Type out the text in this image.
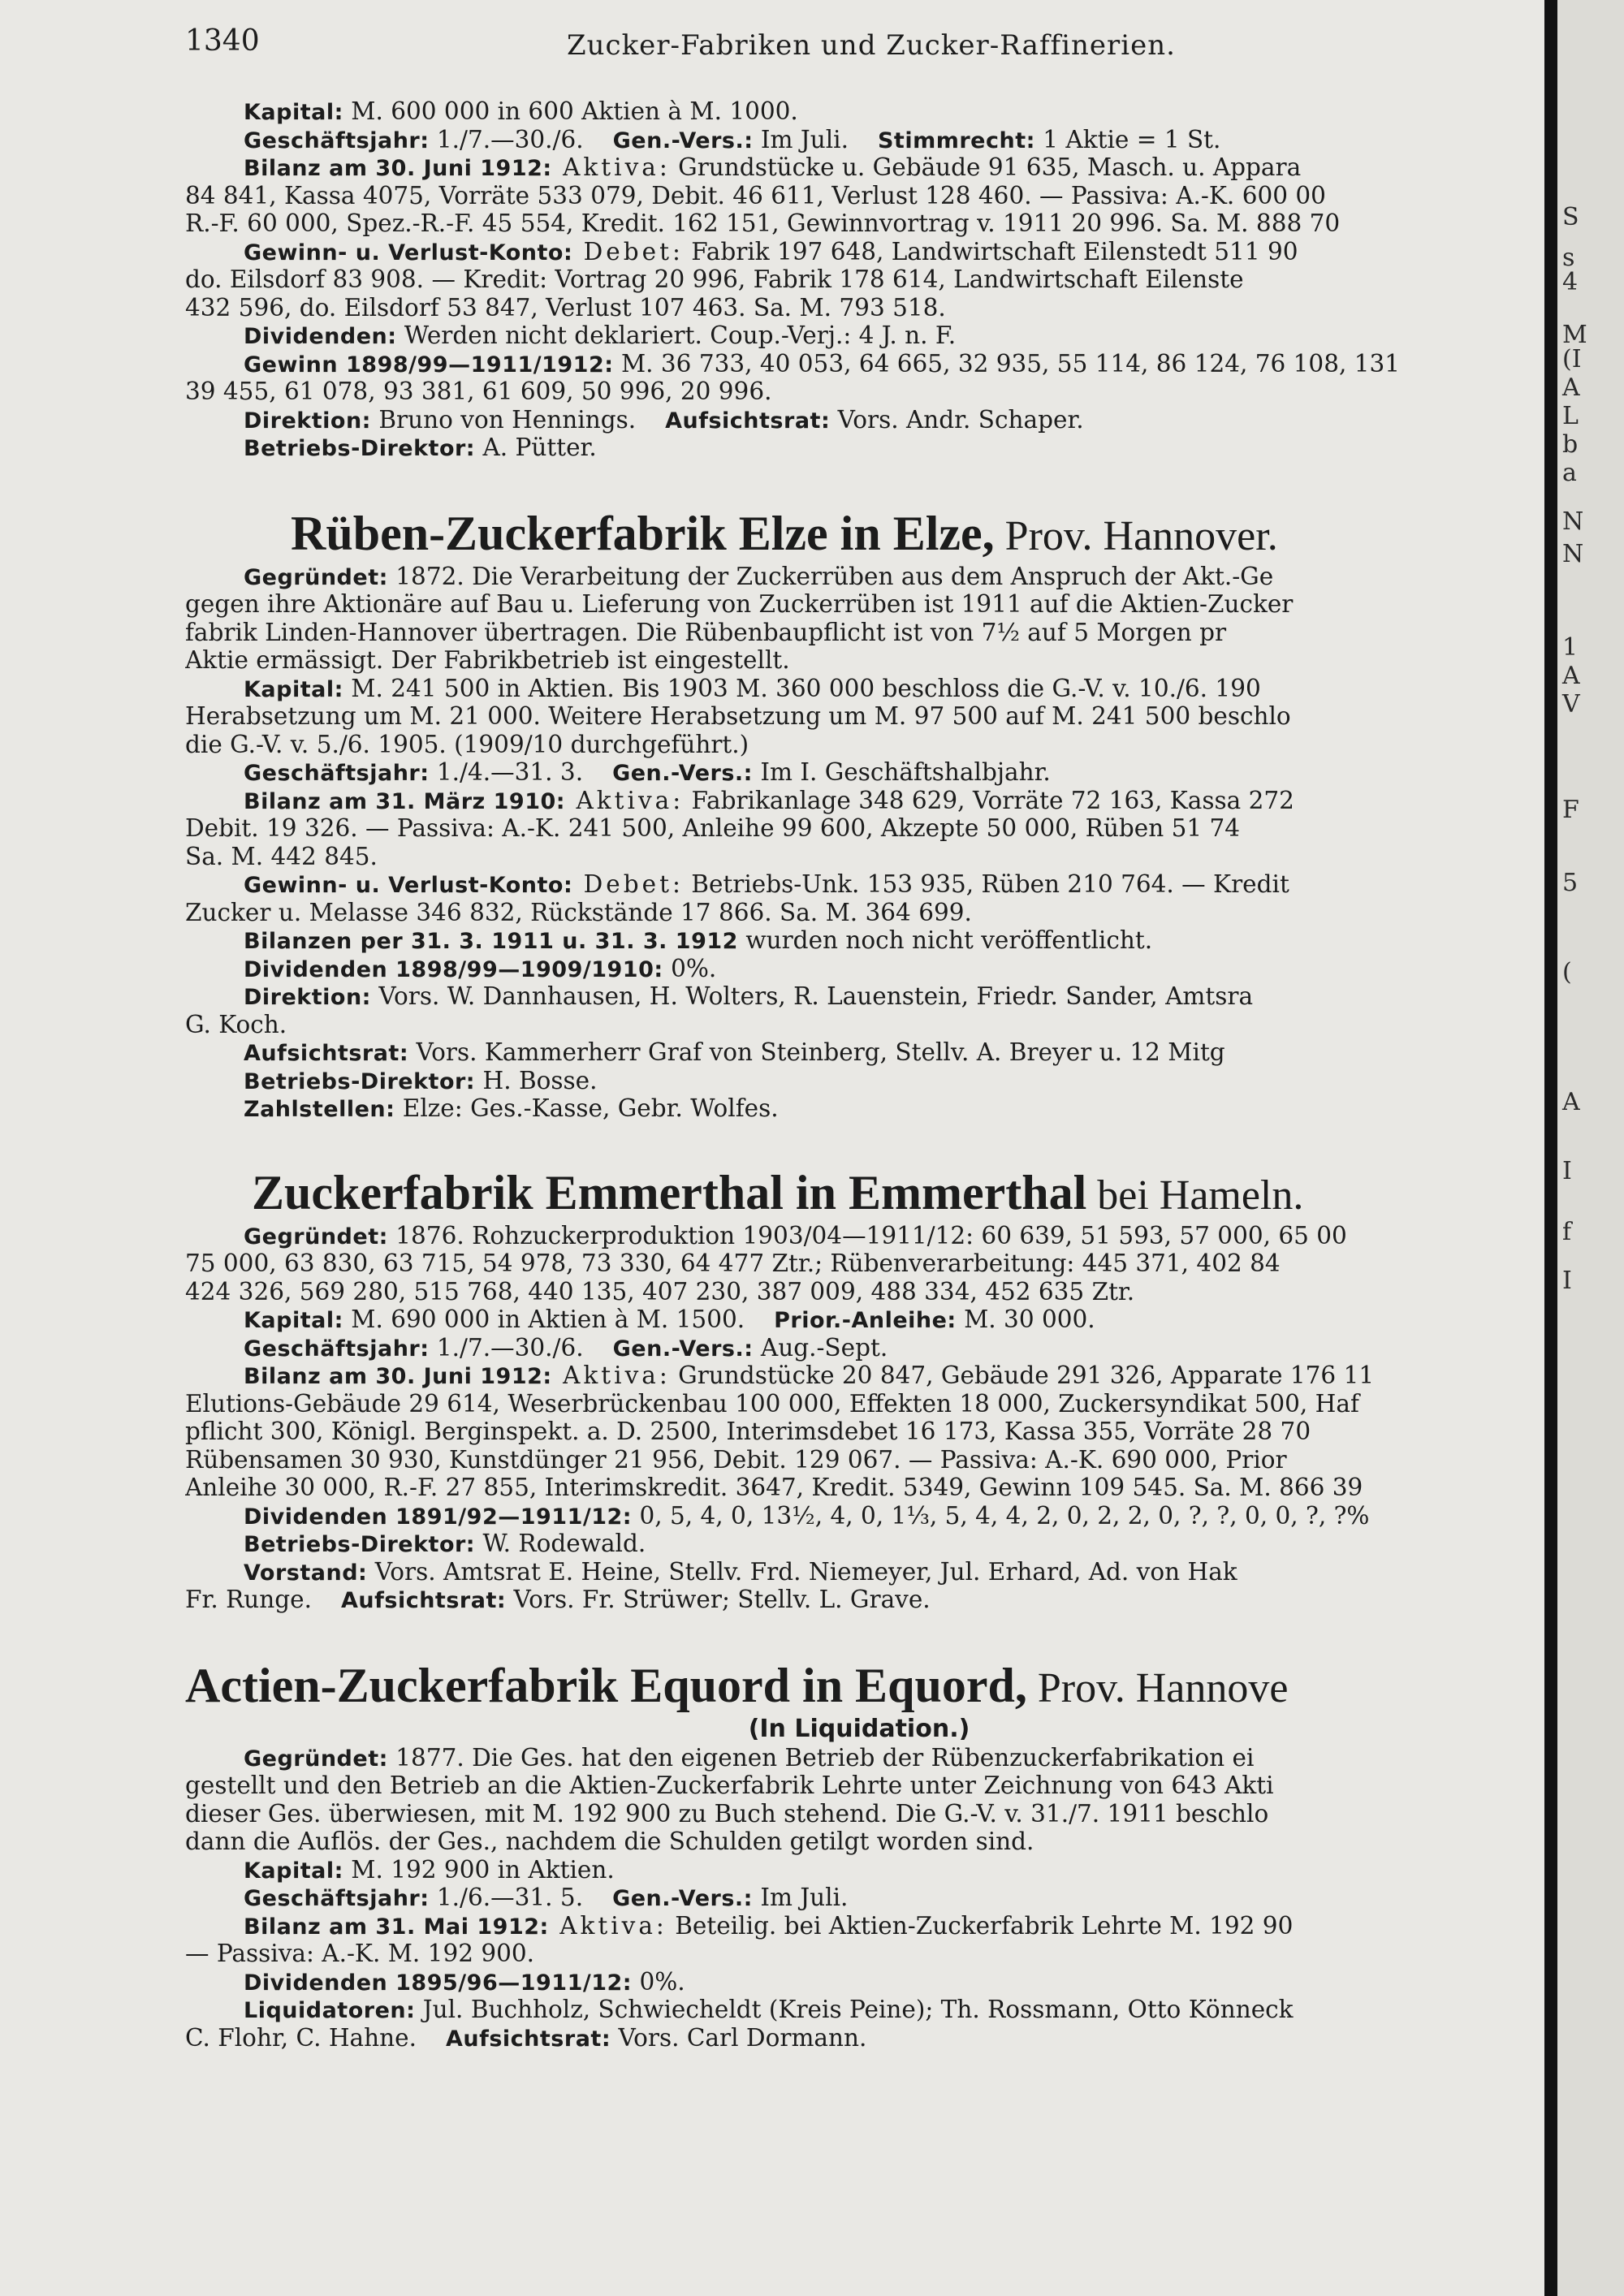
1340	Zucker-Fabriken und Zucker-Raffinerien.
Kapital: M. 600 000 in 600 Aktien à M. 1000.
Geschäftsjahr: 1./7.—30./6. Gen.-Vers.: Im Juli. Stimmrecht: 1 Aktie = 1 St.
Bilanz am 30. Juni 1912: Aktiva: Grundstücke u. Gebäude 91 635, Masch. u. Appara
84 841, Kassa 4075, Vorräte 533 079, Debit. 46 611, Verlust 128 460. — Passiva: A.-K. 600 00
R.-F. 60 000, Spez.-R.-F. 45 554, Kredit. 162 151, Gewinnvortrag v. 1911 20 996. Sa. M. 888 70
Gewinn- u. Verlust-Konto: Debet: Fabrik 197 648, Landwirtschaft Eilenstedt 511 90
do. Eilsdorf 83 908. — Kredit: Vortrag 20 996, Fabrik 178 614, Landwirtschaft Eilenste
432 596, do. Eilsdorf 53 847, Verlust 107 463. Sa. M. 793 518.
Dividenden: Werden nicht deklariert. Coup.-Verj.: 4 J. n. F.
Gewinn 1898/99—1911/1912: M. 36 733, 40 053, 64 665, 32 935, 55 114, 86 124, 76 108, 131
39 455, 61 078, 93 381, 61 609, 50 996, 20 996.
Direktion: Bruno von Hennings. Aufsichtsrat: Vors. Andr. Schaper.
Betriebs-Direktor: A. Pütter.
Rüben-Zuckerfabrik Elze in Elze, Prov. Hannover.
Gegründet: 1872. Die Verarbeitung der Zuckerrüben aus dem Anspruch der Akt.-Ge
gegen ihre Aktionäre auf Bau u. Lieferung von Zuckerrüben ist 1911 auf die Aktien-Zucker
fabrik Linden-Hannover übertragen. Die Rübenbaupflicht ist von 7½ auf 5 Morgen pr
Aktie ermässigt. Der Fabrikbetrieb ist eingestellt.
Kapital: M. 241 500 in Aktien. Bis 1903 M. 360 000 beschloss die G.-V. v. 10./6. 190
Herabsetzung um M. 21 000. Weitere Herabsetzung um M. 97 500 auf M. 241 500 beschlo
die G.-V. v. 5./6. 1905. (1909/10 durchgeführt.)
Geschäftsjahr: 1./4.—31. 3. Gen.-Vers.: Im I. Geschäftshalbjahr.
Bilanz am 31. März 1910: Aktiva: Fabrikanlage 348 629, Vorräte 72 163, Kassa 272
Debit. 19 326. — Passiva: A.-K. 241 500, Anleihe 99 600, Akzepte 50 000, Rüben 51 74
Sa. M. 442 845.
Gewinn- u. Verlust-Konto: Debet: Betriebs-Unk. 153 935, Rüben 210 764. — Kredit
Zucker u. Melasse 346 832, Rückstände 17 866. Sa. M. 364 699.
Bilanzen per 31. 3. 1911 u. 31. 3. 1912 wurden noch nicht veröffentlicht.
Dividenden 1898/99—1909/1910: 0%.
Direktion: Vors. W. Dannhausen, H. Wolters, R. Lauenstein, Friedr. Sander, Amtsra
G. Koch.
Aufsichtsrat: Vors. Kammerherr Graf von Steinberg, Stellv. A. Breyer u. 12 Mitg
Betriebs-Direktor: H. Bosse.
Zahlstellen: Elze: Ges.-Kasse, Gebr. Wolfes.
Zuckerfabrik Emmerthal in Emmerthal bei Hameln.
Gegründet: 1876. Rohzuckerproduktion 1903/04—1911/12: 60 639, 51 593, 57 000, 65 00
75 000, 63 830, 63 715, 54 978, 73 330, 64 477 Ztr.; Rübenverarbeitung: 445 371, 402 84
424 326, 569 280, 515 768, 440 135, 407 230, 387 009, 488 334, 452 635 Ztr.
Kapital: M. 690 000 in Aktien à M. 1500. Prior.-Anleihe: M. 30 000.
Geschäftsjahr: 1./7.—30./6. Gen.-Vers.: Aug.-Sept.
Bilanz am 30. Juni 1912: Aktiva: Grundstücke 20 847, Gebäude 291 326, Apparate 176 11
Elutions-Gebäude 29 614, Weserbrückenbau 100 000, Effekten 18 000, Zuckersyndikat 500, Haf
pflicht 300, Königl. Berginspekt. a. D. 2500, Interimsdebet 16 173, Kassa 355, Vorräte 28 70
Rübensamen 30 930, Kunstdünger 21 956, Debit. 129 067. — Passiva: A.-K. 690 000, Prior
Anleihe 30 000, R.-F. 27 855, Interimskredit. 3647, Kredit. 5349, Gewinn 109 545. Sa. M. 866 39
Dividenden 1891/92—1911/12: 0, 5, 4, 0, 13½, 4, 0, 1⅓, 5, 4, 4, 2, 0, 2, 2, 0, ?, ?, 0, 0, ?, ?%
Betriebs-Direktor: W. Rodewald.
Vorstand: Vors. Amtsrat E. Heine, Stellv. Frd. Niemeyer, Jul. Erhard, Ad. von Hak
Fr. Runge. Aufsichtsrat: Vors. Fr. Strüwer; Stellv. L. Grave.
Actien-Zuckerfabrik Equord in Equord, Prov. Hannove
(In Liquidation.)
Gegründet: 1877. Die Ges. hat den eigenen Betrieb der Rübenzuckerfabrikation ei
gestellt und den Betrieb an die Aktien-Zuckerfabrik Lehrte unter Zeichnung von 643 Akti
dieser Ges. überwiesen, mit M. 192 900 zu Buch stehend. Die G.-V. v. 31./7. 1911 beschlo
dann die Auflös. der Ges., nachdem die Schulden getilgt worden sind.
Kapital: M. 192 900 in Aktien.
Geschäftsjahr: 1./6.—31. 5. Gen.-Vers.: Im Juli.
Bilanz am 31. Mai 1912: Aktiva: Beteilig. bei Aktien-Zuckerfabrik Lehrte M. 192 90
— Passiva: A.-K. M. 192 900.
Dividenden 1895/96—1911/12: 0%.
Liquidatoren: Jul. Buchholz, Schwiecheldt (Kreis Peine); Th. Rossmann, Otto Könneck
C. Flohr, C. Hahne. Aufsichtsrat: Vors. Carl Dormann.
S
s
4
M
(I
A
L
b
a
N
N
1
A
V
F
5
(
A
I
f
I
